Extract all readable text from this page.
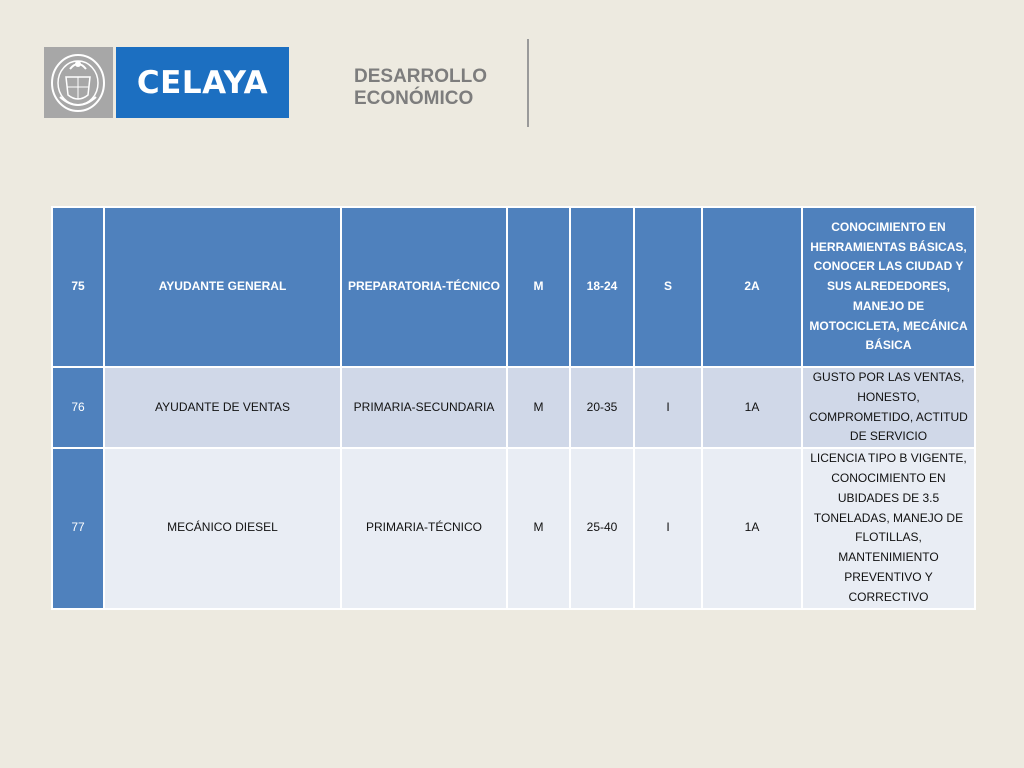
CELAYA	DESARROLLO
ECONÓMICO
75	AYUDANTE GENERAL	PREPARATORIA-TÉCNICO	M	18-24	S	2A	CONOCIMIENTO EN HERRAMIENTAS BÁSICAS, CONOCER LAS CIUDAD Y SUS ALREDEDORES, MANEJO DE MOTOCICLETA, MECÁNICA BÁSICA
76	AYUDANTE DE VENTAS	PRIMARIA-SECUNDARIA	M	20-35	I	1A	GUSTO POR LAS VENTAS, HONESTO, COMPROMETIDO, ACTITUD DE SERVICIO
77	MECÁNICO DIESEL	PRIMARIA-TÉCNICO	M	25-40	I	1A	LICENCIA TIPO B VIGENTE, CONOCIMIENTO EN UBIDADES DE 3.5 TONELADAS, MANEJO DE FLOTILLAS, MANTENIMIENTO PREVENTIVO Y CORRECTIVO
